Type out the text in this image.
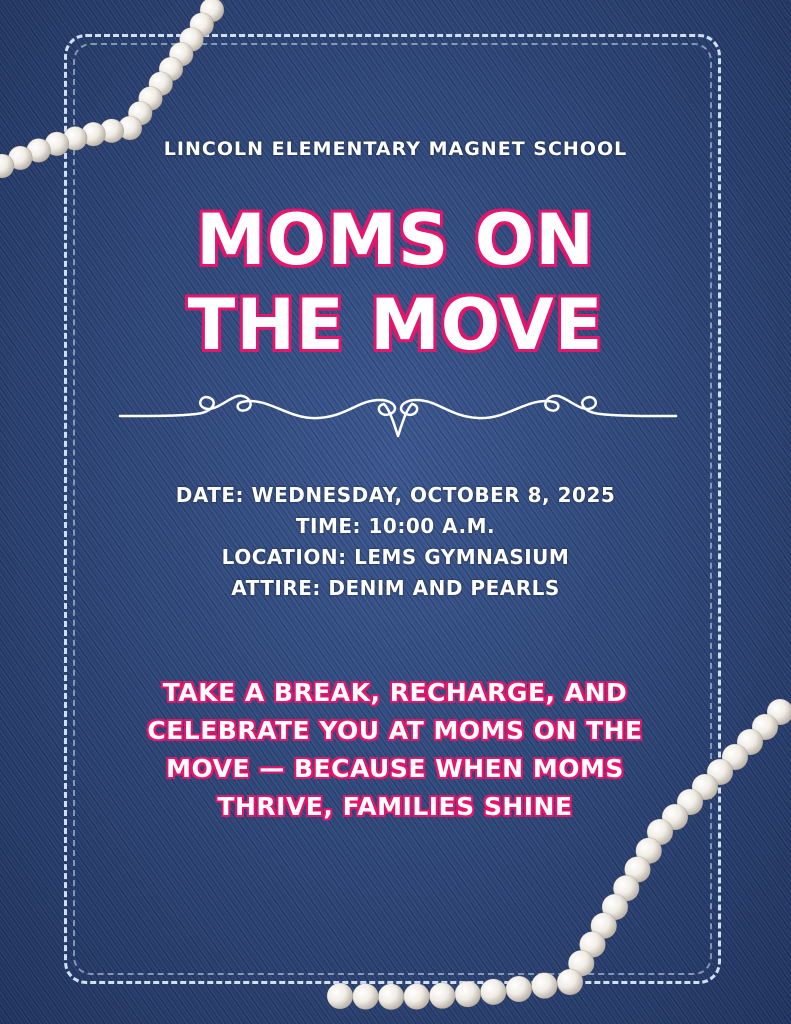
LINCOLN ELEMENTARY MAGNET SCHOOL
MOMS ON
THE MOVE
DATE: WEDNESDAY, OCTOBER 8, 2025
TIME: 10:00 A.M.
LOCATION: LEMS GYMNASIUM
ATTIRE: DENIM AND PEARLS
TAKE A BREAK, RECHARGE, AND
CELEBRATE YOU AT MOMS ON THE
MOVE — BECAUSE WHEN MOMS
THRIVE, FAMILIES SHINE
